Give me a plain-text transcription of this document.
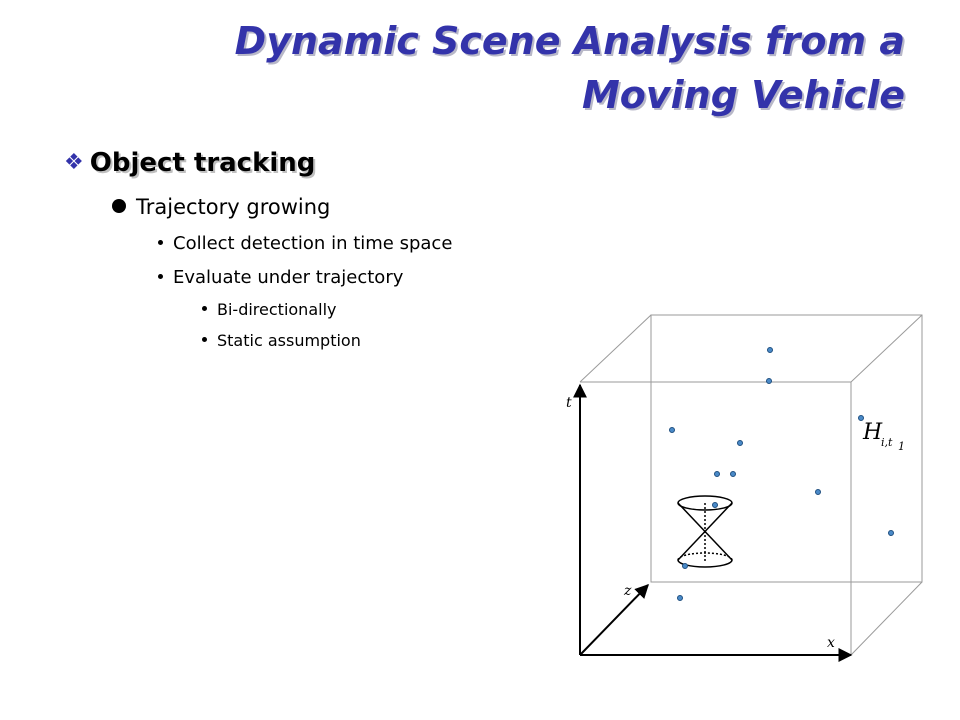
Dynamic Scene Analysis from a
Moving Vehicle
❖ Object tracking
Trajectory growing
Collect detection in time space
Evaluate under trajectory
Bi-directionally
Static assumption
t
z
x
H
i,t 1
